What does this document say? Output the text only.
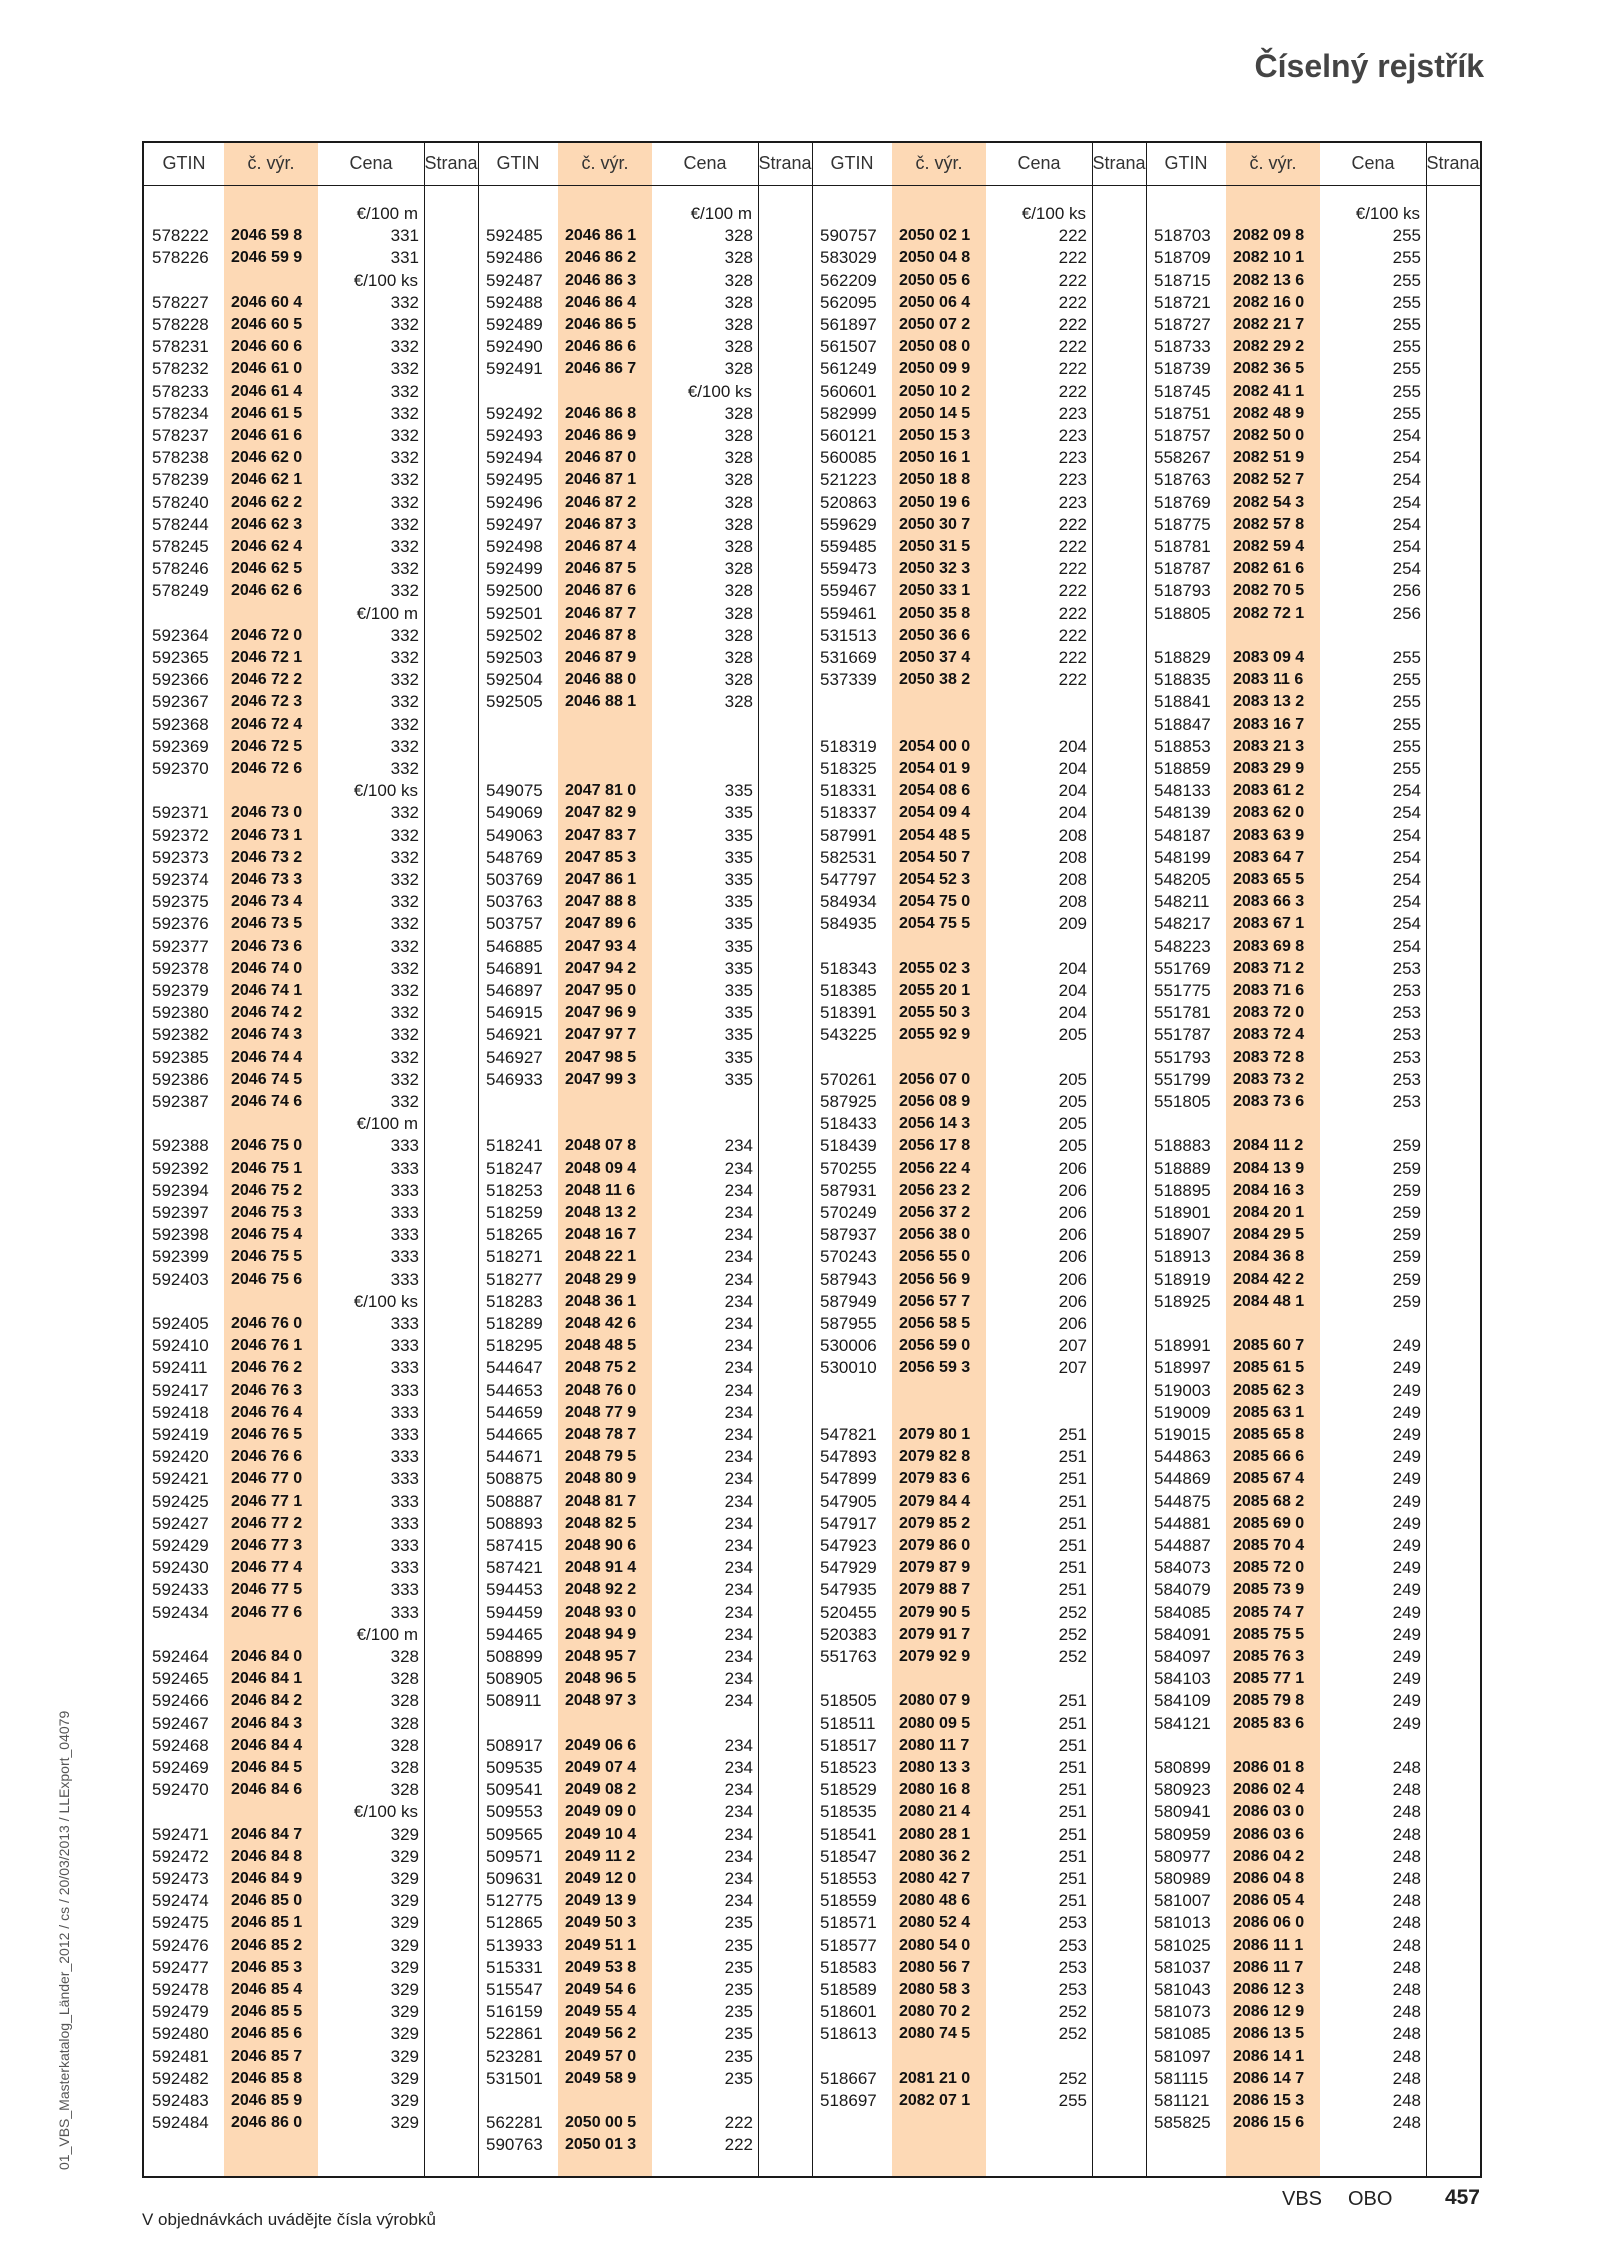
Číselný rejstřík
GTIN	č. výr.	Cena	Strana
€/100 m
578222	2046 59 8	331
578226	2046 59 9	331
€/100 ks
578227	2046 60 4	332
578228	2046 60 5	332
578231	2046 60 6	332
578232	2046 61 0	332
578233	2046 61 4	332
578234	2046 61 5	332
578237	2046 61 6	332
578238	2046 62 0	332
578239	2046 62 1	332
578240	2046 62 2	332
578244	2046 62 3	332
578245	2046 62 4	332
578246	2046 62 5	332
578249	2046 62 6	332
€/100 m
592364	2046 72 0	332
592365	2046 72 1	332
592366	2046 72 2	332
592367	2046 72 3	332
592368	2046 72 4	332
592369	2046 72 5	332
592370	2046 72 6	332
€/100 ks
592371	2046 73 0	332
592372	2046 73 1	332
592373	2046 73 2	332
592374	2046 73 3	332
592375	2046 73 4	332
592376	2046 73 5	332
592377	2046 73 6	332
592378	2046 74 0	332
592379	2046 74 1	332
592380	2046 74 2	332
592382	2046 74 3	332
592385	2046 74 4	332
592386	2046 74 5	332
592387	2046 74 6	332
€/100 m
592388	2046 75 0	333
592392	2046 75 1	333
592394	2046 75 2	333
592397	2046 75 3	333
592398	2046 75 4	333
592399	2046 75 5	333
592403	2046 75 6	333
€/100 ks
592405	2046 76 0	333
592410	2046 76 1	333
592411	2046 76 2	333
592417	2046 76 3	333
592418	2046 76 4	333
592419	2046 76 5	333
592420	2046 76 6	333
592421	2046 77 0	333
592425	2046 77 1	333
592427	2046 77 2	333
592429	2046 77 3	333
592430	2046 77 4	333
592433	2046 77 5	333
592434	2046 77 6	333
€/100 m
592464	2046 84 0	328
592465	2046 84 1	328
592466	2046 84 2	328
592467	2046 84 3	328
592468	2046 84 4	328
592469	2046 84 5	328
592470	2046 84 6	328
€/100 ks
592471	2046 84 7	329
592472	2046 84 8	329
592473	2046 84 9	329
592474	2046 85 0	329
592475	2046 85 1	329
592476	2046 85 2	329
592477	2046 85 3	329
592478	2046 85 4	329
592479	2046 85 5	329
592480	2046 85 6	329
592481	2046 85 7	329
592482	2046 85 8	329
592483	2046 85 9	329
592484	2046 86 0	329
GTIN	č. výr.	Cena	Strana
€/100 m
592485	2046 86 1	328
592486	2046 86 2	328
592487	2046 86 3	328
592488	2046 86 4	328
592489	2046 86 5	328
592490	2046 86 6	328
592491	2046 86 7	328
€/100 ks
592492	2046 86 8	328
592493	2046 86 9	328
592494	2046 87 0	328
592495	2046 87 1	328
592496	2046 87 2	328
592497	2046 87 3	328
592498	2046 87 4	328
592499	2046 87 5	328
592500	2046 87 6	328
592501	2046 87 7	328
592502	2046 87 8	328
592503	2046 87 9	328
592504	2046 88 0	328
592505	2046 88 1	328
549075	2047 81 0	335
549069	2047 82 9	335
549063	2047 83 7	335
548769	2047 85 3	335
503769	2047 86 1	335
503763	2047 88 8	335
503757	2047 89 6	335
546885	2047 93 4	335
546891	2047 94 2	335
546897	2047 95 0	335
546915	2047 96 9	335
546921	2047 97 7	335
546927	2047 98 5	335
546933	2047 99 3	335
518241	2048 07 8	234
518247	2048 09 4	234
518253	2048 11 6	234
518259	2048 13 2	234
518265	2048 16 7	234
518271	2048 22 1	234
518277	2048 29 9	234
518283	2048 36 1	234
518289	2048 42 6	234
518295	2048 48 5	234
544647	2048 75 2	234
544653	2048 76 0	234
544659	2048 77 9	234
544665	2048 78 7	234
544671	2048 79 5	234
508875	2048 80 9	234
508887	2048 81 7	234
508893	2048 82 5	234
587415	2048 90 6	234
587421	2048 91 4	234
594453	2048 92 2	234
594459	2048 93 0	234
594465	2048 94 9	234
508899	2048 95 7	234
508905	2048 96 5	234
508911	2048 97 3	234
508917	2049 06 6	234
509535	2049 07 4	234
509541	2049 08 2	234
509553	2049 09 0	234
509565	2049 10 4	234
509571	2049 11 2	234
509631	2049 12 0	234
512775	2049 13 9	234
512865	2049 50 3	235
513933	2049 51 1	235
515331	2049 53 8	235
515547	2049 54 6	235
516159	2049 55 4	235
522861	2049 56 2	235
523281	2049 57 0	235
531501	2049 58 9	235
562281	2050 00 5	222
590763	2050 01 3	222
GTIN	č. výr.	Cena	Strana
€/100 ks
590757	2050 02 1	222
583029	2050 04 8	222
562209	2050 05 6	222
562095	2050 06 4	222
561897	2050 07 2	222
561507	2050 08 0	222
561249	2050 09 9	222
560601	2050 10 2	222
582999	2050 14 5	223
560121	2050 15 3	223
560085	2050 16 1	223
521223	2050 18 8	223
520863	2050 19 6	223
559629	2050 30 7	222
559485	2050 31 5	222
559473	2050 32 3	222
559467	2050 33 1	222
559461	2050 35 8	222
531513	2050 36 6	222
531669	2050 37 4	222
537339	2050 38 2	222
518319	2054 00 0	204
518325	2054 01 9	204
518331	2054 08 6	204
518337	2054 09 4	204
587991	2054 48 5	208
582531	2054 50 7	208
547797	2054 52 3	208
584934	2054 75 0	208
584935	2054 75 5	209
518343	2055 02 3	204
518385	2055 20 1	204
518391	2055 50 3	204
543225	2055 92 9	205
570261	2056 07 0	205
587925	2056 08 9	205
518433	2056 14 3	205
518439	2056 17 8	205
570255	2056 22 4	206
587931	2056 23 2	206
570249	2056 37 2	206
587937	2056 38 0	206
570243	2056 55 0	206
587943	2056 56 9	206
587949	2056 57 7	206
587955	2056 58 5	206
530006	2056 59 0	207
530010	2056 59 3	207
547821	2079 80 1	251
547893	2079 82 8	251
547899	2079 83 6	251
547905	2079 84 4	251
547917	2079 85 2	251
547923	2079 86 0	251
547929	2079 87 9	251
547935	2079 88 7	251
520455	2079 90 5	252
520383	2079 91 7	252
551763	2079 92 9	252
518505	2080 07 9	251
518511	2080 09 5	251
518517	2080 11 7	251
518523	2080 13 3	251
518529	2080 16 8	251
518535	2080 21 4	251
518541	2080 28 1	251
518547	2080 36 2	251
518553	2080 42 7	251
518559	2080 48 6	251
518571	2080 52 4	253
518577	2080 54 0	253
518583	2080 56 7	253
518589	2080 58 3	253
518601	2080 70 2	252
518613	2080 74 5	252
518667	2081 21 0	252
518697	2082 07 1	255
GTIN	č. výr.	Cena	Strana
€/100 ks
518703	2082 09 8	255
518709	2082 10 1	255
518715	2082 13 6	255
518721	2082 16 0	255
518727	2082 21 7	255
518733	2082 29 2	255
518739	2082 36 5	255
518745	2082 41 1	255
518751	2082 48 9	255
518757	2082 50 0	254
558267	2082 51 9	254
518763	2082 52 7	254
518769	2082 54 3	254
518775	2082 57 8	254
518781	2082 59 4	254
518787	2082 61 6	254
518793	2082 70 5	256
518805	2082 72 1	256
518829	2083 09 4	255
518835	2083 11 6	255
518841	2083 13 2	255
518847	2083 16 7	255
518853	2083 21 3	255
518859	2083 29 9	255
548133	2083 61 2	254
548139	2083 62 0	254
548187	2083 63 9	254
548199	2083 64 7	254
548205	2083 65 5	254
548211	2083 66 3	254
548217	2083 67 1	254
548223	2083 69 8	254
551769	2083 71 2	253
551775	2083 71 6	253
551781	2083 72 0	253
551787	2083 72 4	253
551793	2083 72 8	253
551799	2083 73 2	253
551805	2083 73 6	253
518883	2084 11 2	259
518889	2084 13 9	259
518895	2084 16 3	259
518901	2084 20 1	259
518907	2084 29 5	259
518913	2084 36 8	259
518919	2084 42 2	259
518925	2084 48 1	259
518991	2085 60 7	249
518997	2085 61 5	249
519003	2085 62 3	249
519009	2085 63 1	249
519015	2085 65 8	249
544863	2085 66 6	249
544869	2085 67 4	249
544875	2085 68 2	249
544881	2085 69 0	249
544887	2085 70 4	249
584073	2085 72 0	249
584079	2085 73 9	249
584085	2085 74 7	249
584091	2085 75 5	249
584097	2085 76 3	249
584103	2085 77 1	249
584109	2085 79 8	249
584121	2085 83 6	249
580899	2086 01 8	248
580923	2086 02 4	248
580941	2086 03 0	248
580959	2086 03 6	248
580977	2086 04 2	248
580989	2086 04 8	248
581007	2086 05 4	248
581013	2086 06 0	248
581025	2086 11 1	248
581037	2086 11 7	248
581043	2086 12 3	248
581073	2086 12 9	248
581085	2086 13 5	248
581097	2086 14 1	248
581115	2086 14 7	248
581121	2086 15 3	248
585825	2086 15 6	248
01_VBS_Masterkatalog_Länder_2012 / cs / 20/03/2013 / LLExport_04079
V objednávkách uvádějte čísla výrobků
VBS OBO	457
